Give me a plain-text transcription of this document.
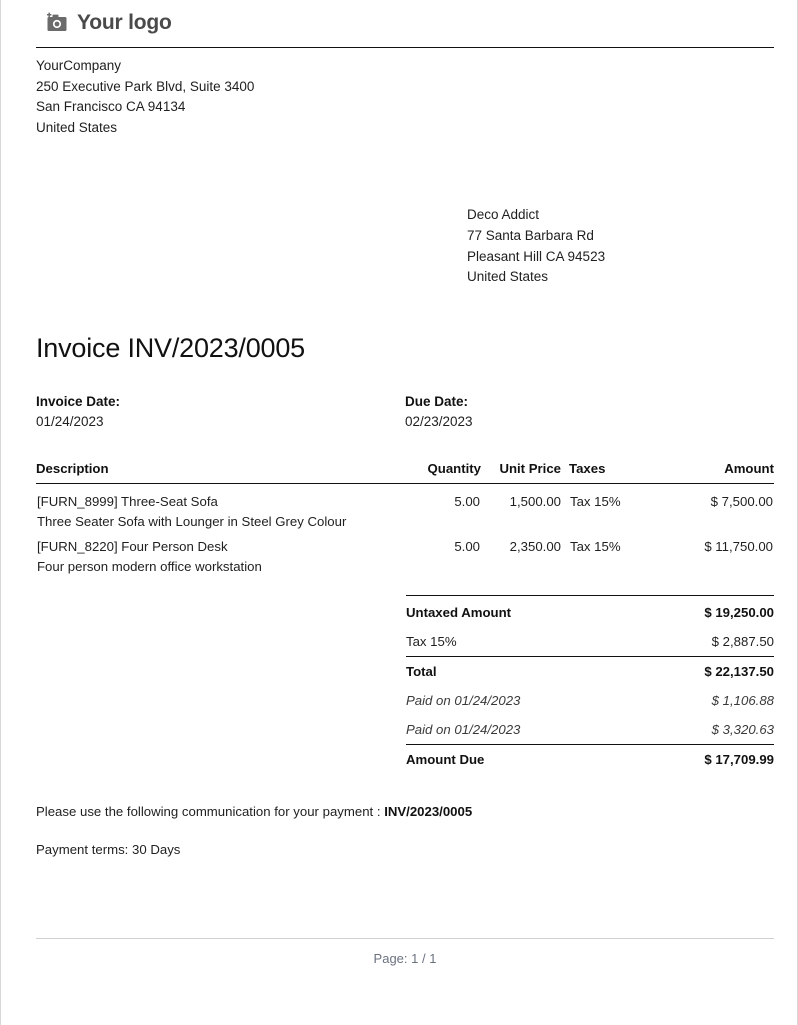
Your logo
YourCompany
250 Executive Park Blvd, Suite 3400
San Francisco CA 94134
United States
Deco Addict
77 Santa Barbara Rd
Pleasant Hill CA 94523
United States
Invoice INV/2023/0005
Invoice Date:
01/24/2023
Due Date:
02/23/2023
Description	Quantity	Unit Price	Taxes	Amount

[FURN_8999] Three-Seat Sofa
Three Seater Sofa with Lounger in Steel Grey Colour	5.00	1,500.00	Tax 15%	$ 7,500.00

[FURN_8220] Four Person Desk
Four person modern office workstation	5.00	2,350.00	Tax 15%	$ 11,750.00
Untaxed Amount	$ 19,250.00
Tax 15%	$ 2,887.50
Total	$ 22,137.50
Paid on 01/24/2023	$ 1,106.88
Paid on 01/24/2023	$ 3,320.63
Amount Due	$ 17,709.99
Please use the following communication for your payment : INV/2023/0005
Payment terms: 30 Days
Page: 1 / 1
